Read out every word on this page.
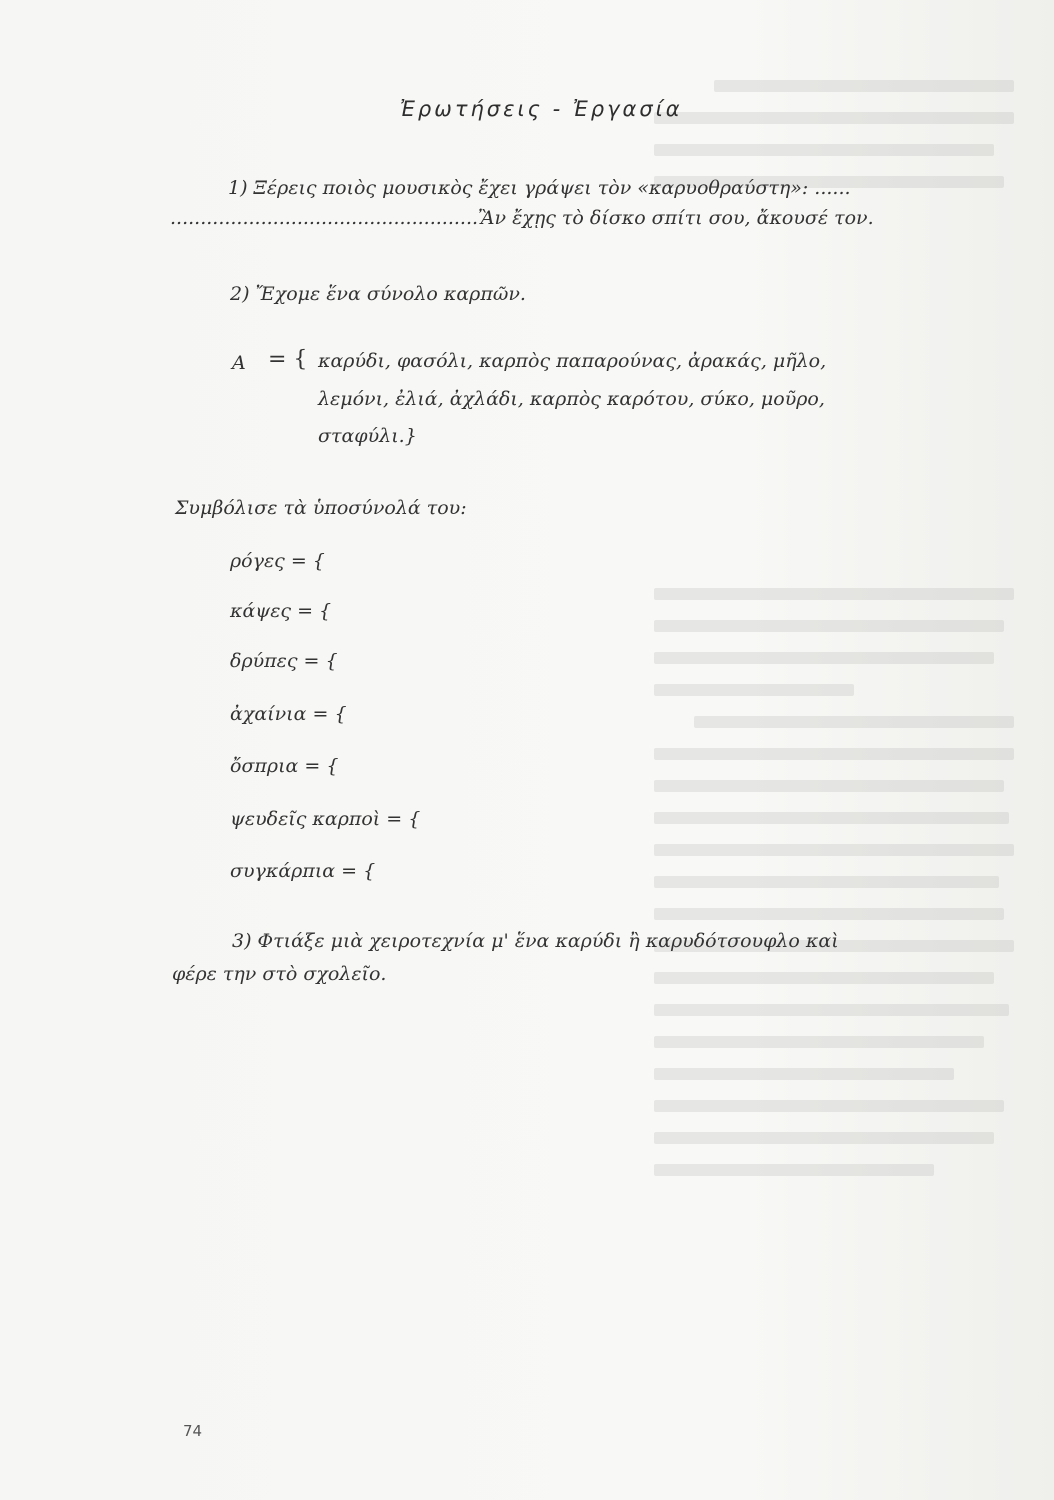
Ἐρωτήσεις - Ἐργασία
1) Ξέρεις ποιὸς μουσικὸς ἔχει γράψει τὸν «καρυοθραύστη»: ......
...................................................Ἂν ἔχῃς τὸ δίσκο σπίτι σου, ἄκουσέ τον.
2) Ἔχομε ἕνα σύνολο καρπῶν.
A = { καρύδι, φασόλι, καρπὸς παπαρούνας, ἀρακάς, μῆλο,
λεμόνι, ἐλιά, ἀχλάδι, καρπὸς καρότου, σύκο, μοῦρο,
σταφύλι.}
Συμβόλισε τὰ ὑποσύνολά του:
ρόγες = {
κάψες = {
δρύπες = {
ἀχαίνια = {
ὄσπρια = {
ψευδεῖς καρποὶ = {
συγκάρπια = {
3) Φτιάξε μιὰ χειροτεχνία μ' ἕνα καρύδι ἢ καρυδότσουφλο καὶ
φέρε την στὸ σχολεῖο.
74
